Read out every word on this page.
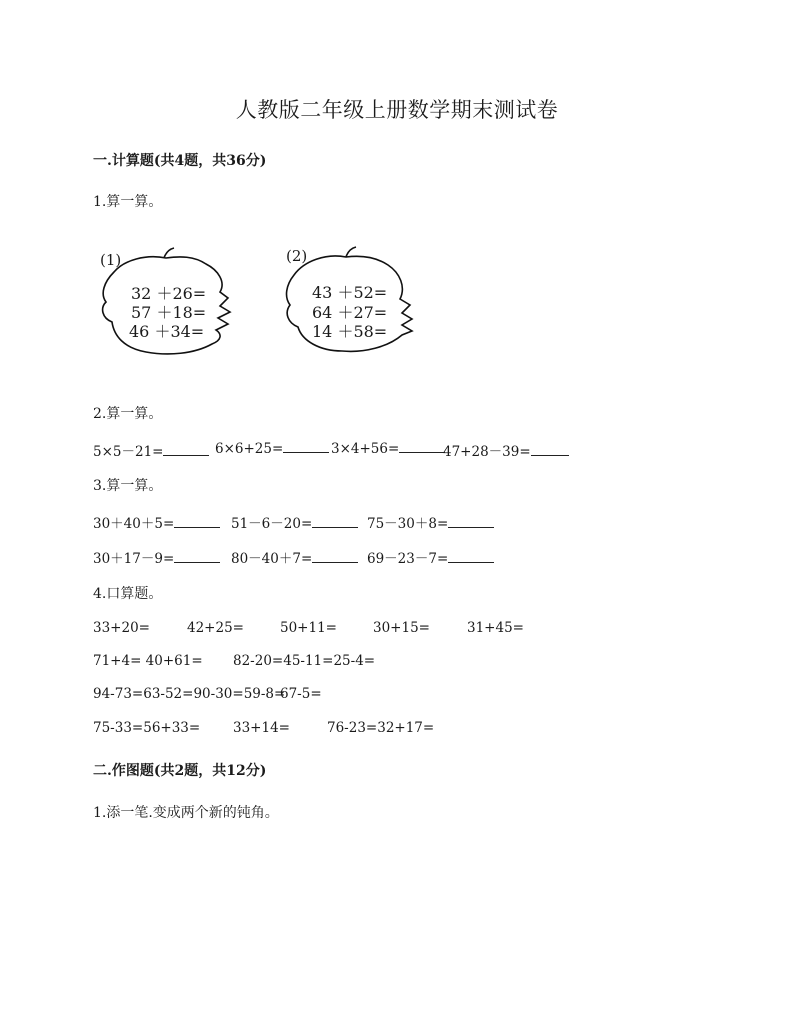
人教版二年级上册数学期末测试卷
一.计算题(共4题，共36分)
1.算一算。
(1)
32 ＋26=
57 ＋18=
46 ＋34=
(2)
43 ＋52=
64 ＋27=
14 ＋58=
2.算一算。
5×5－21=	6×6+25=	3×4+56=	47+28－39=
3.算一算。
30＋40＋5=	51－6－20=	75－30＋8=
30＋17－9=	80－40＋7=	69－23－7=
4.口算题。
33+20=	42+25=	50+11=	30+15=	31+45=
71+4= 40+61= 82-20=45-11=25-4=
94-73=63-52=90-30=59-8=
67-5=
75-33=56+33= 33+14=	76-23=32+17=
二.作图题(共2题，共12分)
1.添一笔.变成两个新的钝角。
